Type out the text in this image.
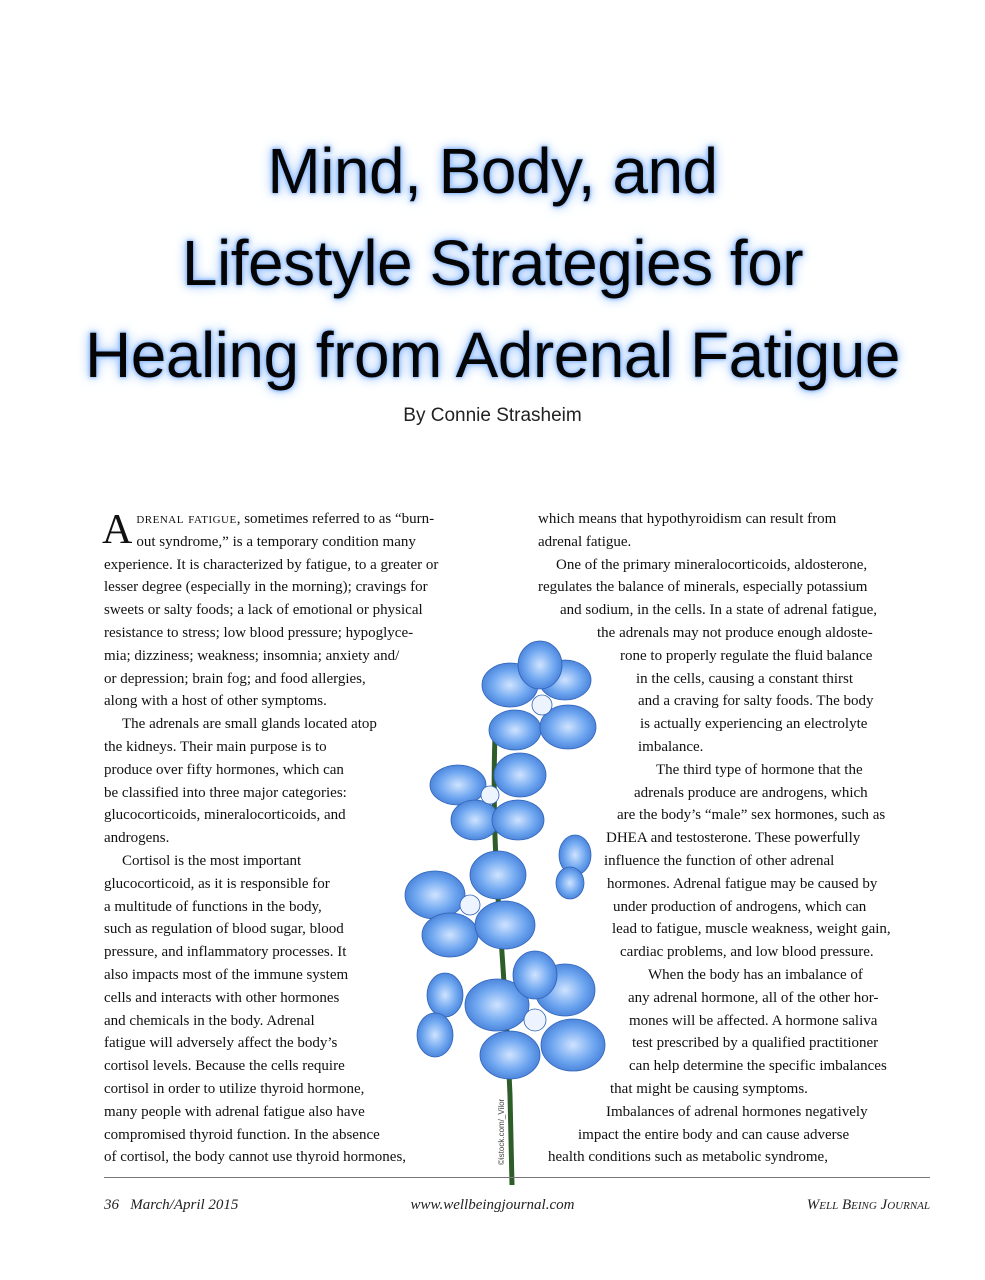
Mind, Body, and
Lifestyle Strategies for
Healing from Adrenal Fatigue
By Connie Strasheim
©istock.com/_Vilor
A drenal fatigue, sometimes referred to as “burn-
out syndrome,” is a temporary condition many
experience. It is characterized by fatigue, to a greater or
lesser degree (especially in the morning); cravings for
sweets or salty foods; a lack of emotional or physical
resistance to stress; low blood pressure; hypoglyce-
mia; dizziness; weakness; insomnia; anxiety and/
or depression; brain fog; and food allergies,
along with a host of other symptoms.
The adrenals are small glands located atop
the kidneys. Their main purpose is to
produce over fifty hormones, which can
be classified into three major categories:
glucocorticoids, mineralocorticoids, and
androgens.
Cortisol is the most important
glucocorticoid, as it is responsible for
a multitude of functions in the body,
such as regulation of blood sugar, blood
pressure, and inflammatory processes. It
also impacts most of the immune system
cells and interacts with other hormones
and chemicals in the body. Adrenal
fatigue will adversely affect the body’s
cortisol levels. Because the cells require
cortisol in order to utilize thyroid hormone,
many people with adrenal fatigue also have
compromised thyroid function. In the absence
of cortisol, the body cannot use thyroid hormones,
which means that hypothyroidism can result from
adrenal fatigue.
One of the primary mineralocorticoids, aldosterone,
regulates the balance of minerals, especially potassium
and sodium, in the cells. In a state of adrenal fatigue,
the adrenals may not produce enough aldoste-
rone to properly regulate the fluid balance
in the cells, causing a constant thirst
and a craving for salty foods. The body
is actually experiencing an electrolyte
imbalance.
The third type of hormone that the
adrenals produce are androgens, which
are the body’s “male” sex hormones, such as
DHEA and testosterone. These powerfully
influence the function of other adrenal
hormones. Adrenal fatigue may be caused by
under production of androgens, which can
lead to fatigue, muscle weakness, weight gain,
cardiac problems, and low blood pressure.
When the body has an imbalance of
any adrenal hormone, all of the other hor-
mones will be affected. A hormone saliva
test prescribed by a qualified practitioner
can help determine the specific imbalances
that might be causing symptoms.
Imbalances of adrenal hormones negatively
impact the entire body and can cause adverse
health conditions such as metabolic syndrome,
36   March/April 2015	www.wellbeingjournal.com	Well Being Journal
